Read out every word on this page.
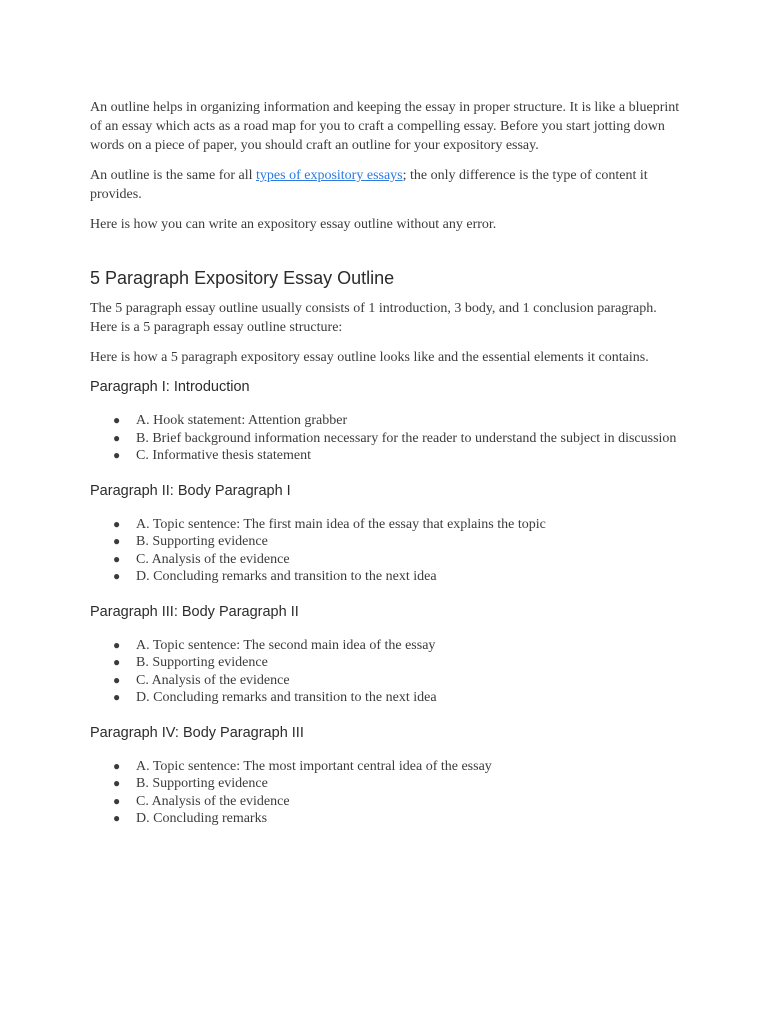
An outline helps in organizing information and keeping the essay in proper structure. It is like a blueprint of an essay which acts as a road map for you to craft a compelling essay. Before you start jotting down words on a piece of paper, you should craft an outline for your expository essay.

An outline is the same for all types of expository essays; the only difference is the type of content it provides.

Here is how you can write an expository essay outline without any error.

5 Paragraph Expository Essay Outline

The 5 paragraph essay outline usually consists of 1 introduction, 3 body, and 1 conclusion paragraph. Here is a 5 paragraph essay outline structure:

Here is how a 5 paragraph expository essay outline looks like and the essential elements it contains.

Paragraph I: Introduction
● A. Hook statement: Attention grabber
● B. Brief background information necessary for the reader to understand the subject in discussion
● C. Informative thesis statement
Paragraph II: Body Paragraph I
● A. Topic sentence: The first main idea of the essay that explains the topic
● B. Supporting evidence
● C. Analysis of the evidence
● D. Concluding remarks and transition to the next idea
Paragraph III: Body Paragraph II
● A. Topic sentence: The second main idea of the essay
● B. Supporting evidence
● C. Analysis of the evidence
● D. Concluding remarks and transition to the next idea
Paragraph IV: Body Paragraph III
● A. Topic sentence: The most important central idea of the essay
● B. Supporting evidence
● C. Analysis of the evidence
● D. Concluding remarks
